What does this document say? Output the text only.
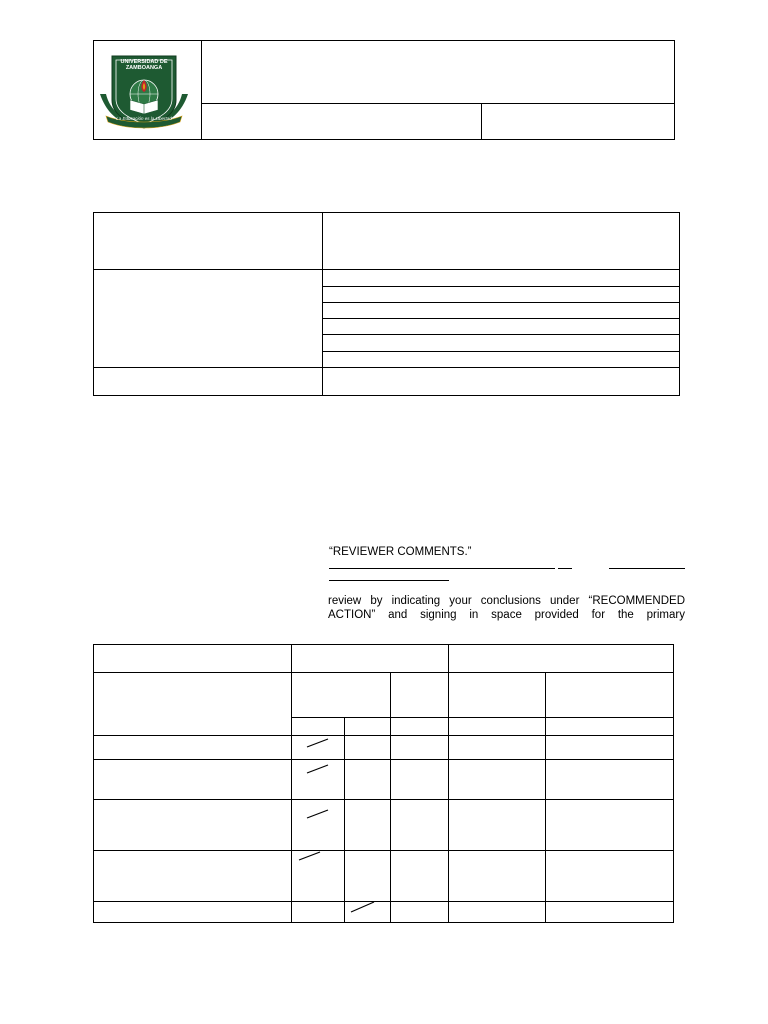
UNIVERSIDAD DE ZAMBOANGA
La Educación es la Libertad
“REVIEWER COMMENTS.”
review by indicating your conclusions under “RECOMMENDED
ACTION” and signing in space provided for the primary
